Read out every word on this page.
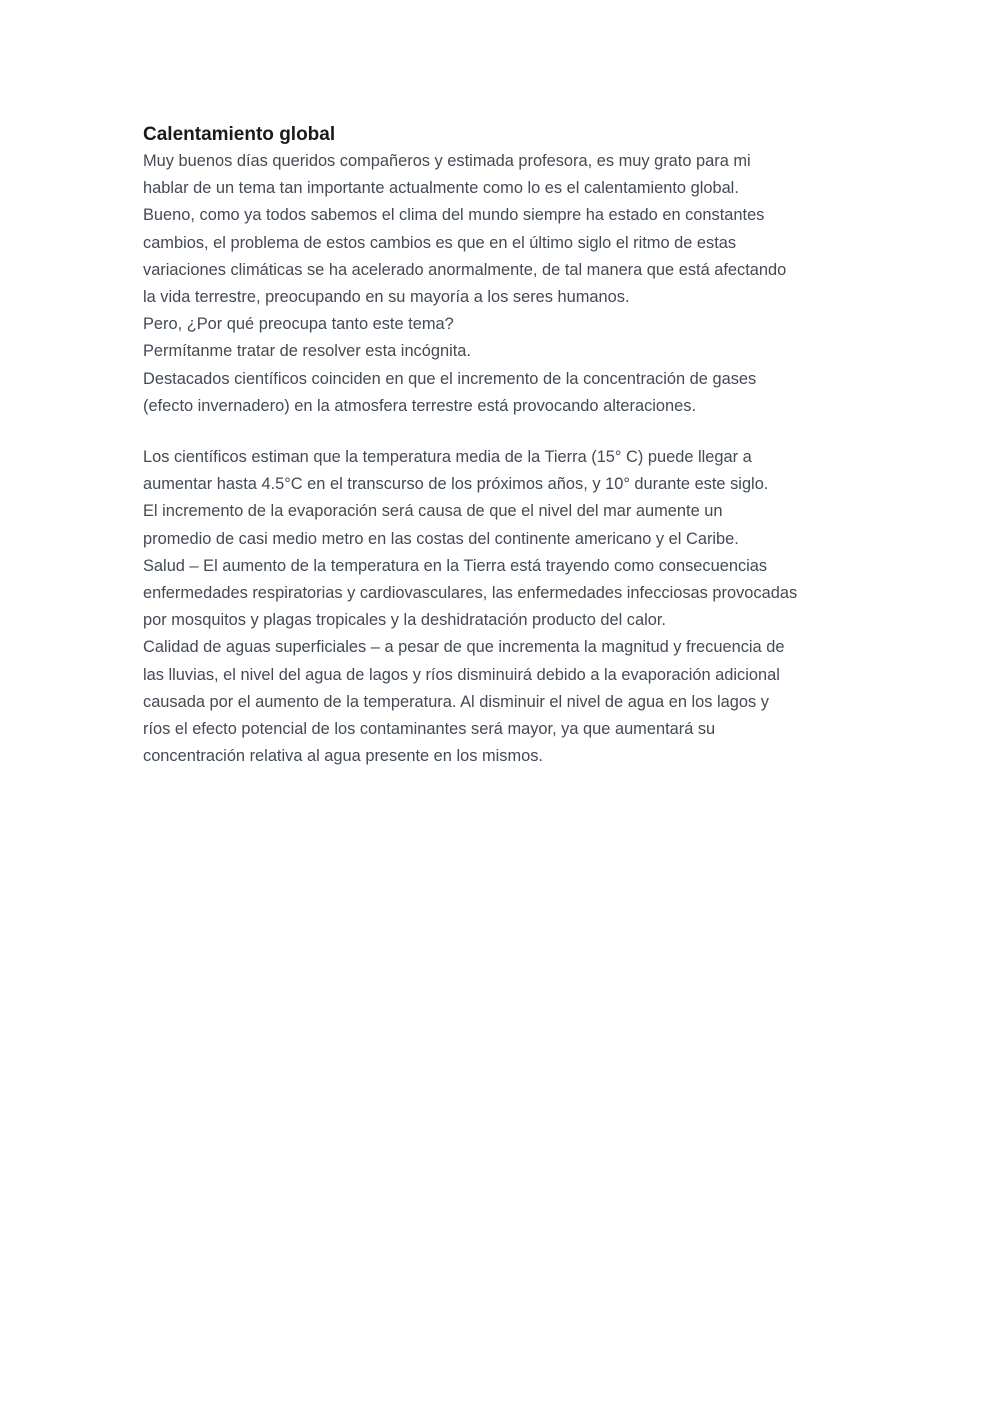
Calentamiento global
Muy buenos días queridos compañeros y estimada profesora, es muy grato para mi
hablar de un tema tan importante actualmente como lo es el calentamiento global.
Bueno, como ya todos sabemos el clima del mundo siempre ha estado en constantes
cambios, el problema de estos cambios es que en el último siglo el ritmo de estas
variaciones climáticas se ha acelerado anormalmente, de tal manera que está afectando
la vida terrestre, preocupando en su mayoría a los seres humanos.
Pero, ¿Por qué preocupa tanto este tema?
Permítanme tratar de resolver esta incógnita.
Destacados científicos coinciden en que el incremento de la concentración de gases
(efecto invernadero) en la atmosfera terrestre está provocando alteraciones.
Los científicos estiman que la temperatura media de la Tierra (15° C) puede llegar a
aumentar hasta 4.5°C en el transcurso de los próximos años, y 10° durante este siglo.
El incremento de la evaporación será causa de que el nivel del mar aumente un
promedio de casi medio metro en las costas del continente americano y el Caribe.
Salud – El aumento de la temperatura en la Tierra está trayendo como consecuencias
enfermedades respiratorias y cardiovasculares, las enfermedades infecciosas provocadas
por mosquitos y plagas tropicales y la deshidratación producto del calor.
Calidad de aguas superficiales – a pesar de que incrementa la magnitud y frecuencia de
las lluvias, el nivel del agua de lagos y ríos disminuirá debido a la evaporación adicional
causada por el aumento de la temperatura. Al disminuir el nivel de agua en los lagos y
ríos el efecto potencial de los contaminantes será mayor, ya que aumentará su
concentración relativa al agua presente en los mismos.
